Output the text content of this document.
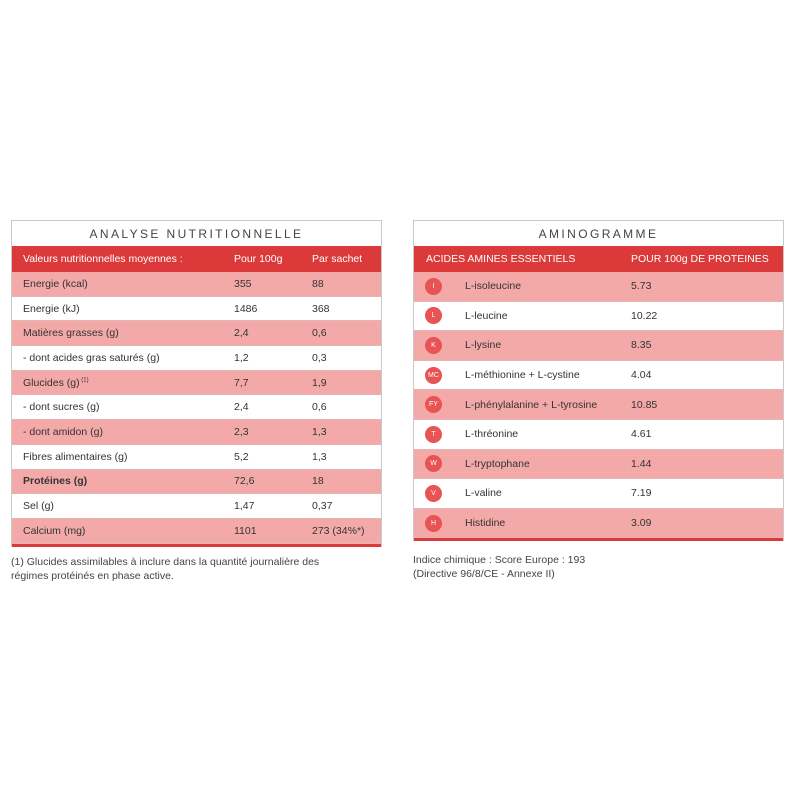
ANALYSE NUTRITIONNELLE
Valeurs nutritionnelles moyennes :	Pour 100g	Par sachet
Energie (kcal)	355	88
Energie (kJ)	1486	368
Matières grasses (g)	2,4	0,6
- dont acides gras saturés (g)	1,2	0,3
Glucides (g) $^{(1)}$	7,7	1,9
- dont sucres (g)	2,4	0,6
- dont amidon (g)	2,3	1,3
Fibres alimentaires (g)	5,2	1,3
Protéines (g)	72,6	18
Sel (g)	1,47	0,37
Calcium (mg)	1101	273 (34%*)
AMINOGRAMME
ACIDES AMINES ESSENTIELS	POUR 100g DE PROTEINES
I	L-isoleucine	5.73
L	L-leucine	10.22
K	L-lysine	8.35
MC L-méthionine + L-cystine	4.04
FY	L-phénylalanine + L-tyrosine	10.85
T	L-thréonine	4.61
W	L-tryptophane	1.44
V	L-valine	7.19
H	Histidine	3.09
(1) Glucides assimilables à inclure dans la quantité journalière des régimes protéinés en phase active.
Indice chimique : Score Europe : 193
(Directive 96/8/CE - Annexe II)
